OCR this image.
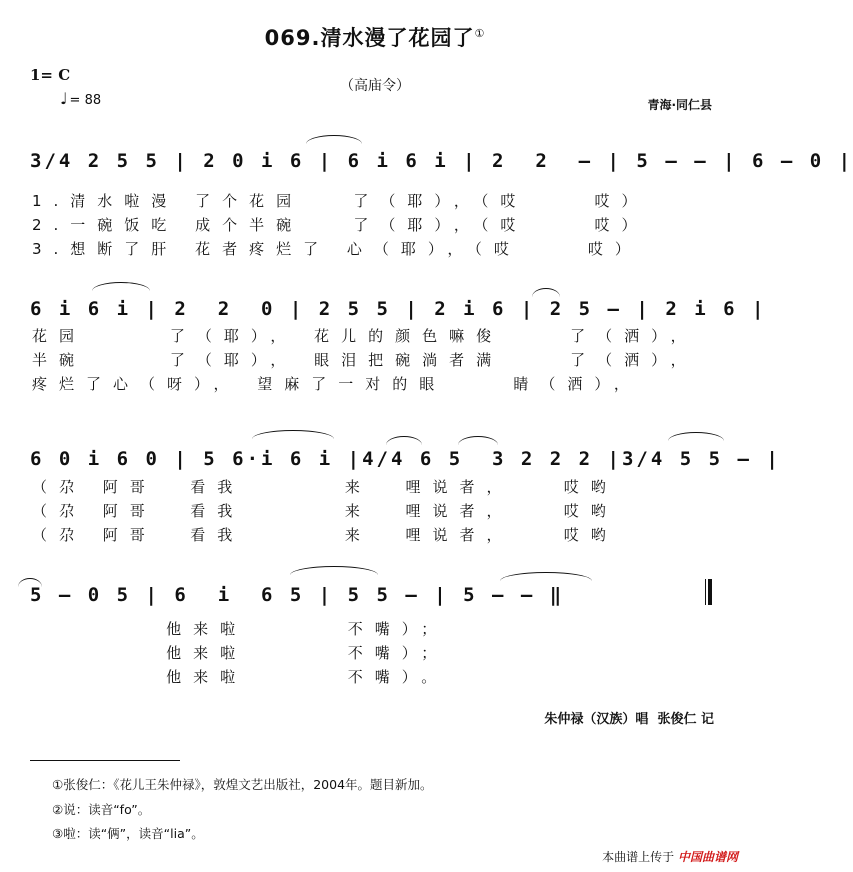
069.清水漫了花园了①
1= C
♩ = 88
（高庙令）
青海·同仁县
3/4 2 5 5 | 2 0 i 6 | 6 i 6 i | 2  2  — | 5 — — | 6 — 0 |
1.清水啦漫 了个花园   了（耶），（哎    哎）
2.一碗饭吃 成个半碗   了（耶），（哎    哎）
3.想断了肝 花者疼烂了 心（耶），（哎    哎）
6 i 6 i | 2  2  0 | 2 5 5 | 2 i 6 | 2 5 — | 2 i 6 |
花园     了（耶）， 花儿的颜色嘛俊    了（洒），
半碗     了（耶）， 眼泪把碗淌者满    了（洒），
疼烂了心（呀）， 望麻了一对的眼    睛（洒），
6 0 i 6 0 | 5 6·i 6 i |4/4 6 5  3 2 2 2 |3/4 5 5 — |
（尕 阿哥  看我      来  哩说者，   哎哟
（尕 阿哥  看我      来  哩说者，   哎哟
（尕 阿哥  看我      来  哩说者，   哎哟
5 — 0 5 | 6  i  6 5 | 5 5 — | 5 — — ‖
他来啦      不嘴）；
他来啦      不嘴）；
他来啦      不嘴）。
朱仲禄（汉族）唱  张俊仁 记
①张俊仁：《花儿王朱仲禄》，敦煌文艺出版社，2004年。题目新加。
②说：读音“fo”。
③啦：读“俩”，读音“lia”。
本曲谱上传于 中国曲谱网
